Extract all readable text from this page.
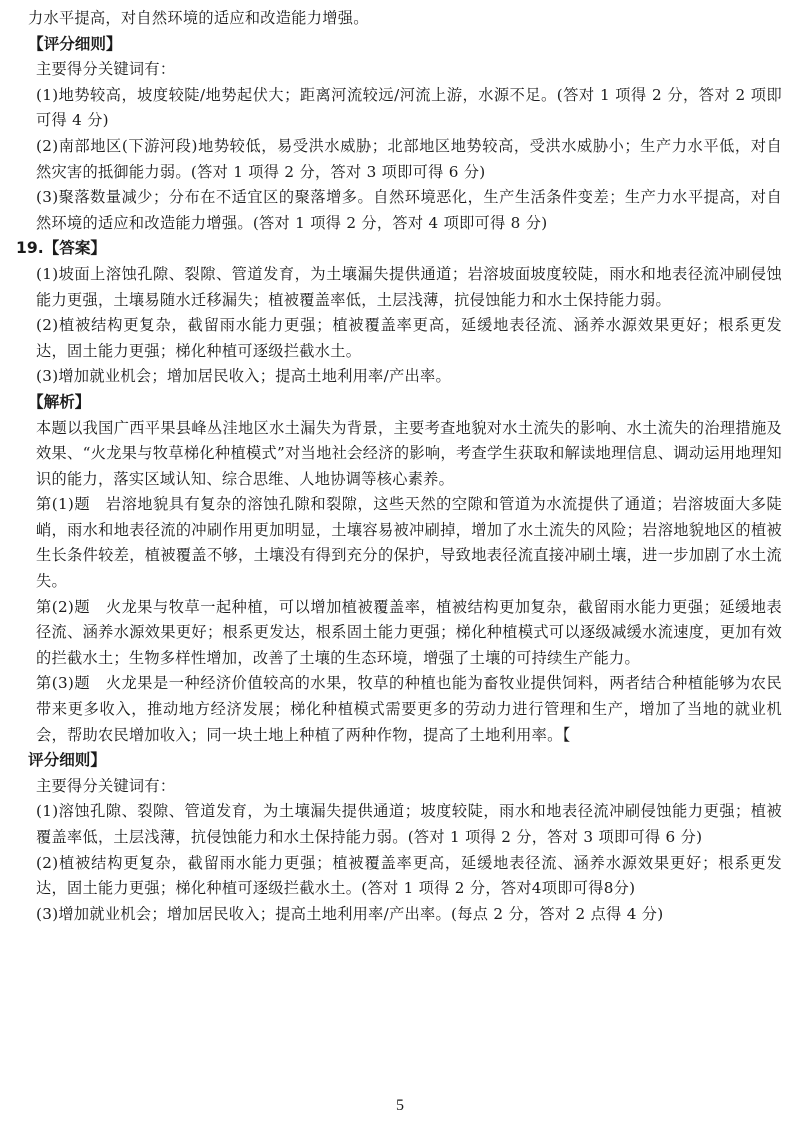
力水平提高，对自然环境的适应和改造能力增强。

【评分细则】

主要得分关键词有：

(1)地势较高，坡度较陡/地势起伏大；距离河流较远/河流上游，水源不足。(答对 1 项得 2 分，答对 2 项即可得 4 分)

(2)南部地区(下游河段)地势较低，易受洪水威胁；北部地区地势较高，受洪水威胁小；生产力水平低，对自然灾害的抵御能力弱。(答对 1 项得 2 分，答对 3 项即可得 6 分)

(3)聚落数量减少；分布在不适宜区的聚落增多。自然环境恶化，生产生活条件变差；生产力水平提高，对自然环境的适应和改造能力增强。(答对 1 项得 2 分，答对 4 项即可得 8 分)

19.【答案】

(1)坡面上溶蚀孔隙、裂隙、管道发育，为土壤漏失提供通道；岩溶坡面坡度较陡，雨水和地表径流冲刷侵蚀能力更强，土壤易随水迁移漏失；植被覆盖率低，土层浅薄，抗侵蚀能力和水土保持能力弱。

(2)植被结构更复杂，截留雨水能力更强；植被覆盖率更高，延缓地表径流、涵养水源效果更好；根系更发达，固土能力更强；梯化种植可逐级拦截水土。

(3)增加就业机会；增加居民收入；提高土地利用率/产出率。

【解析】

本题以我国广西平果县峰丛洼地区水土漏失为背景，主要考查地貌对水土流失的影响、水土流失的治理措施及效果、“火龙果与牧草梯化种植模式”对当地社会经济的影响，考查学生获取和解读地理信息、调动运用地理知识的能力，落实区域认知、综合思维、人地协调等核心素养。

第(1)题　岩溶地貌具有复杂的溶蚀孔隙和裂隙，这些天然的空隙和管道为水流提供了通道；岩溶坡面大多陡峭，雨水和地表径流的冲刷作用更加明显，土壤容易被冲刷掉，增加了水土流失的风险；岩溶地貌地区的植被生长条件较差，植被覆盖不够，土壤没有得到充分的保护，导致地表径流直接冲刷土壤，进一步加剧了水土流失。

第(2)题　火龙果与牧草一起种植，可以增加植被覆盖率，植被结构更加复杂，截留雨水能力更强；延缓地表径流、涵养水源效果更好；根系更发达，根系固土能力更强；梯化种植模式可以逐级减缓水流速度，更加有效的拦截水土；生物多样性增加，改善了土壤的生态环境，增强了土壤的可持续生产能力。

第(3)题　火龙果是一种经济价值较高的水果，牧草的种植也能为畜牧业提供饲料，两者结合种植能够为农民带来更多收入，推动地方经济发展；梯化种植模式需要更多的劳动力进行管理和生产，增加了当地的就业机会，帮助农民增加收入；同一块土地上种植了两种作物，提高了土地利用率。【

评分细则】

主要得分关键词有：

(1)溶蚀孔隙、裂隙、管道发育，为土壤漏失提供通道；坡度较陡，雨水和地表径流冲刷侵蚀能力更强；植被覆盖率低，土层浅薄，抗侵蚀能力和水土保持能力弱。(答对 1 项得 2 分，答对 3 项即可得 6 分)

(2)植被结构更复杂，截留雨水能力更强；植被覆盖率更高，延缓地表径流、涵养水源效果更好；根系更发达，固土能力更强；梯化种植可逐级拦截水土。(答对 1 项得 2 分，答对4项即可得8分)

(3)增加就业机会；增加居民收入；提高土地利用率/产出率。(每点 2 分，答对 2 点得 4 分)

5
